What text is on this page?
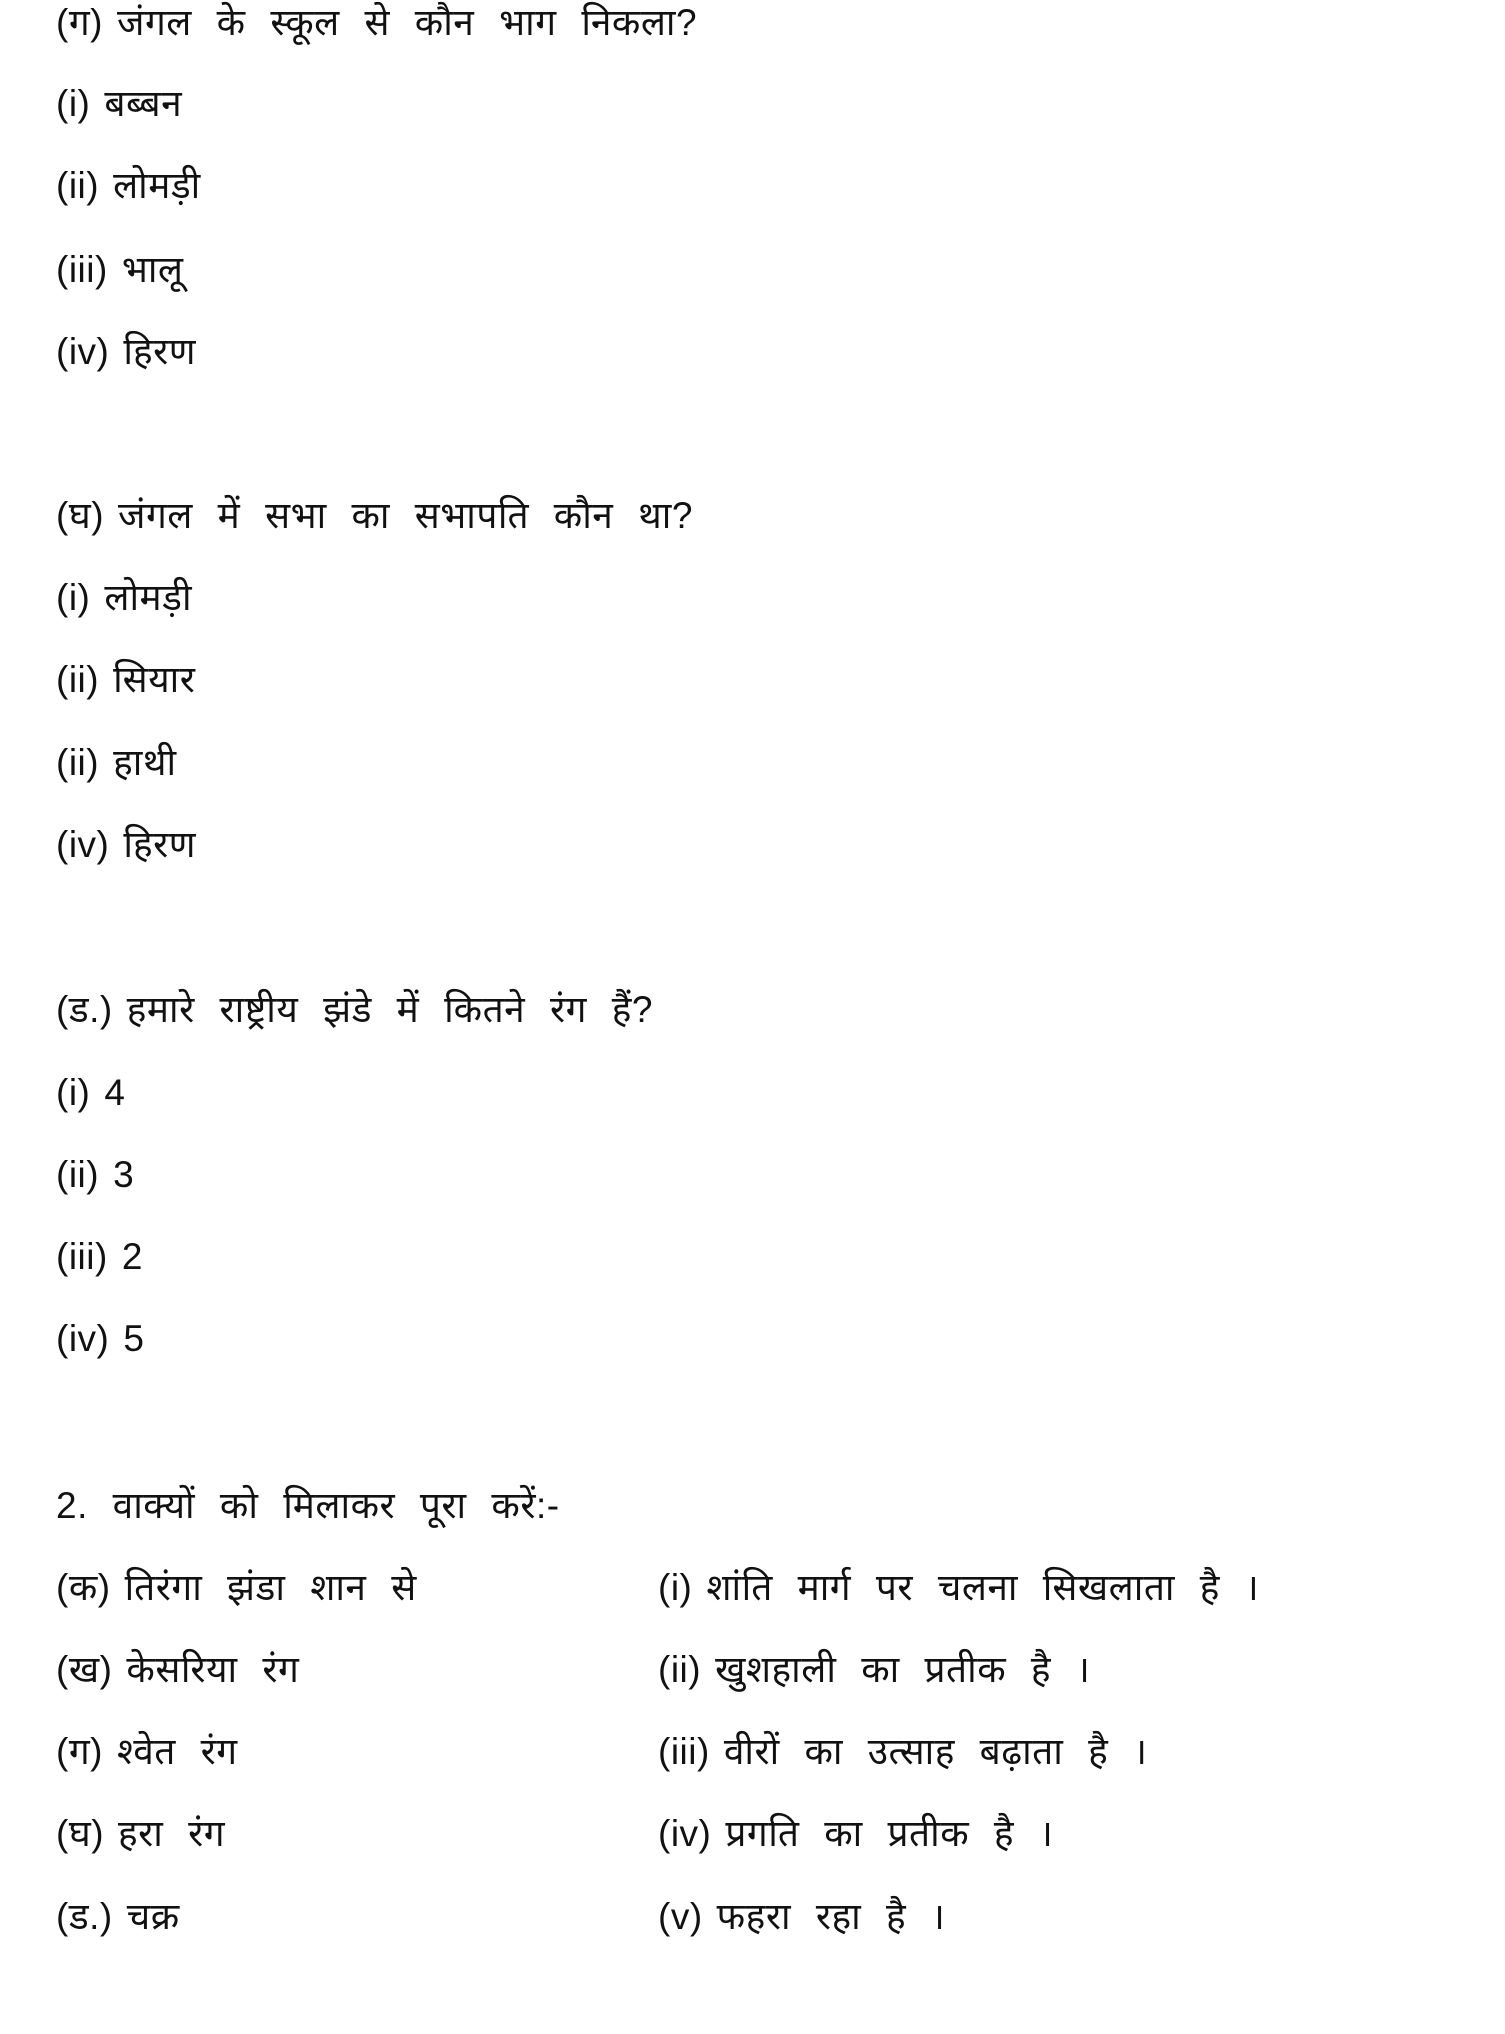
(ग) जंगल के स्कूल से कौन भाग निकला?
(i) बब्बन
(ii) लोमड़ी
(iii) भालू
(iv) हिरण
(घ) जंगल में सभा का सभापति कौन था?
(i) लोमड़ी
(ii) सियार
(ii) हाथी
(iv) हिरण
(ड.) हमारे राष्ट्रीय झंडे में कितने रंग हैं?
(i) 4
(ii) 3
(iii) 2
(iv) 5
2. वाक्यों को मिलाकर पूरा करें:-
(क) तिरंगा झंडा शान से	(i) शांति मार्ग पर चलना सिखलाता है ।
(ख) केसरिया रंग	(ii) खुशहाली का प्रतीक है ।
(ग) श्वेत रंग	(iii) वीरों का उत्साह बढ़ाता है ।
(घ) हरा रंग	(iv) प्रगति का प्रतीक है ।
(ड.) चक्र	(v) फहरा रहा है ।
